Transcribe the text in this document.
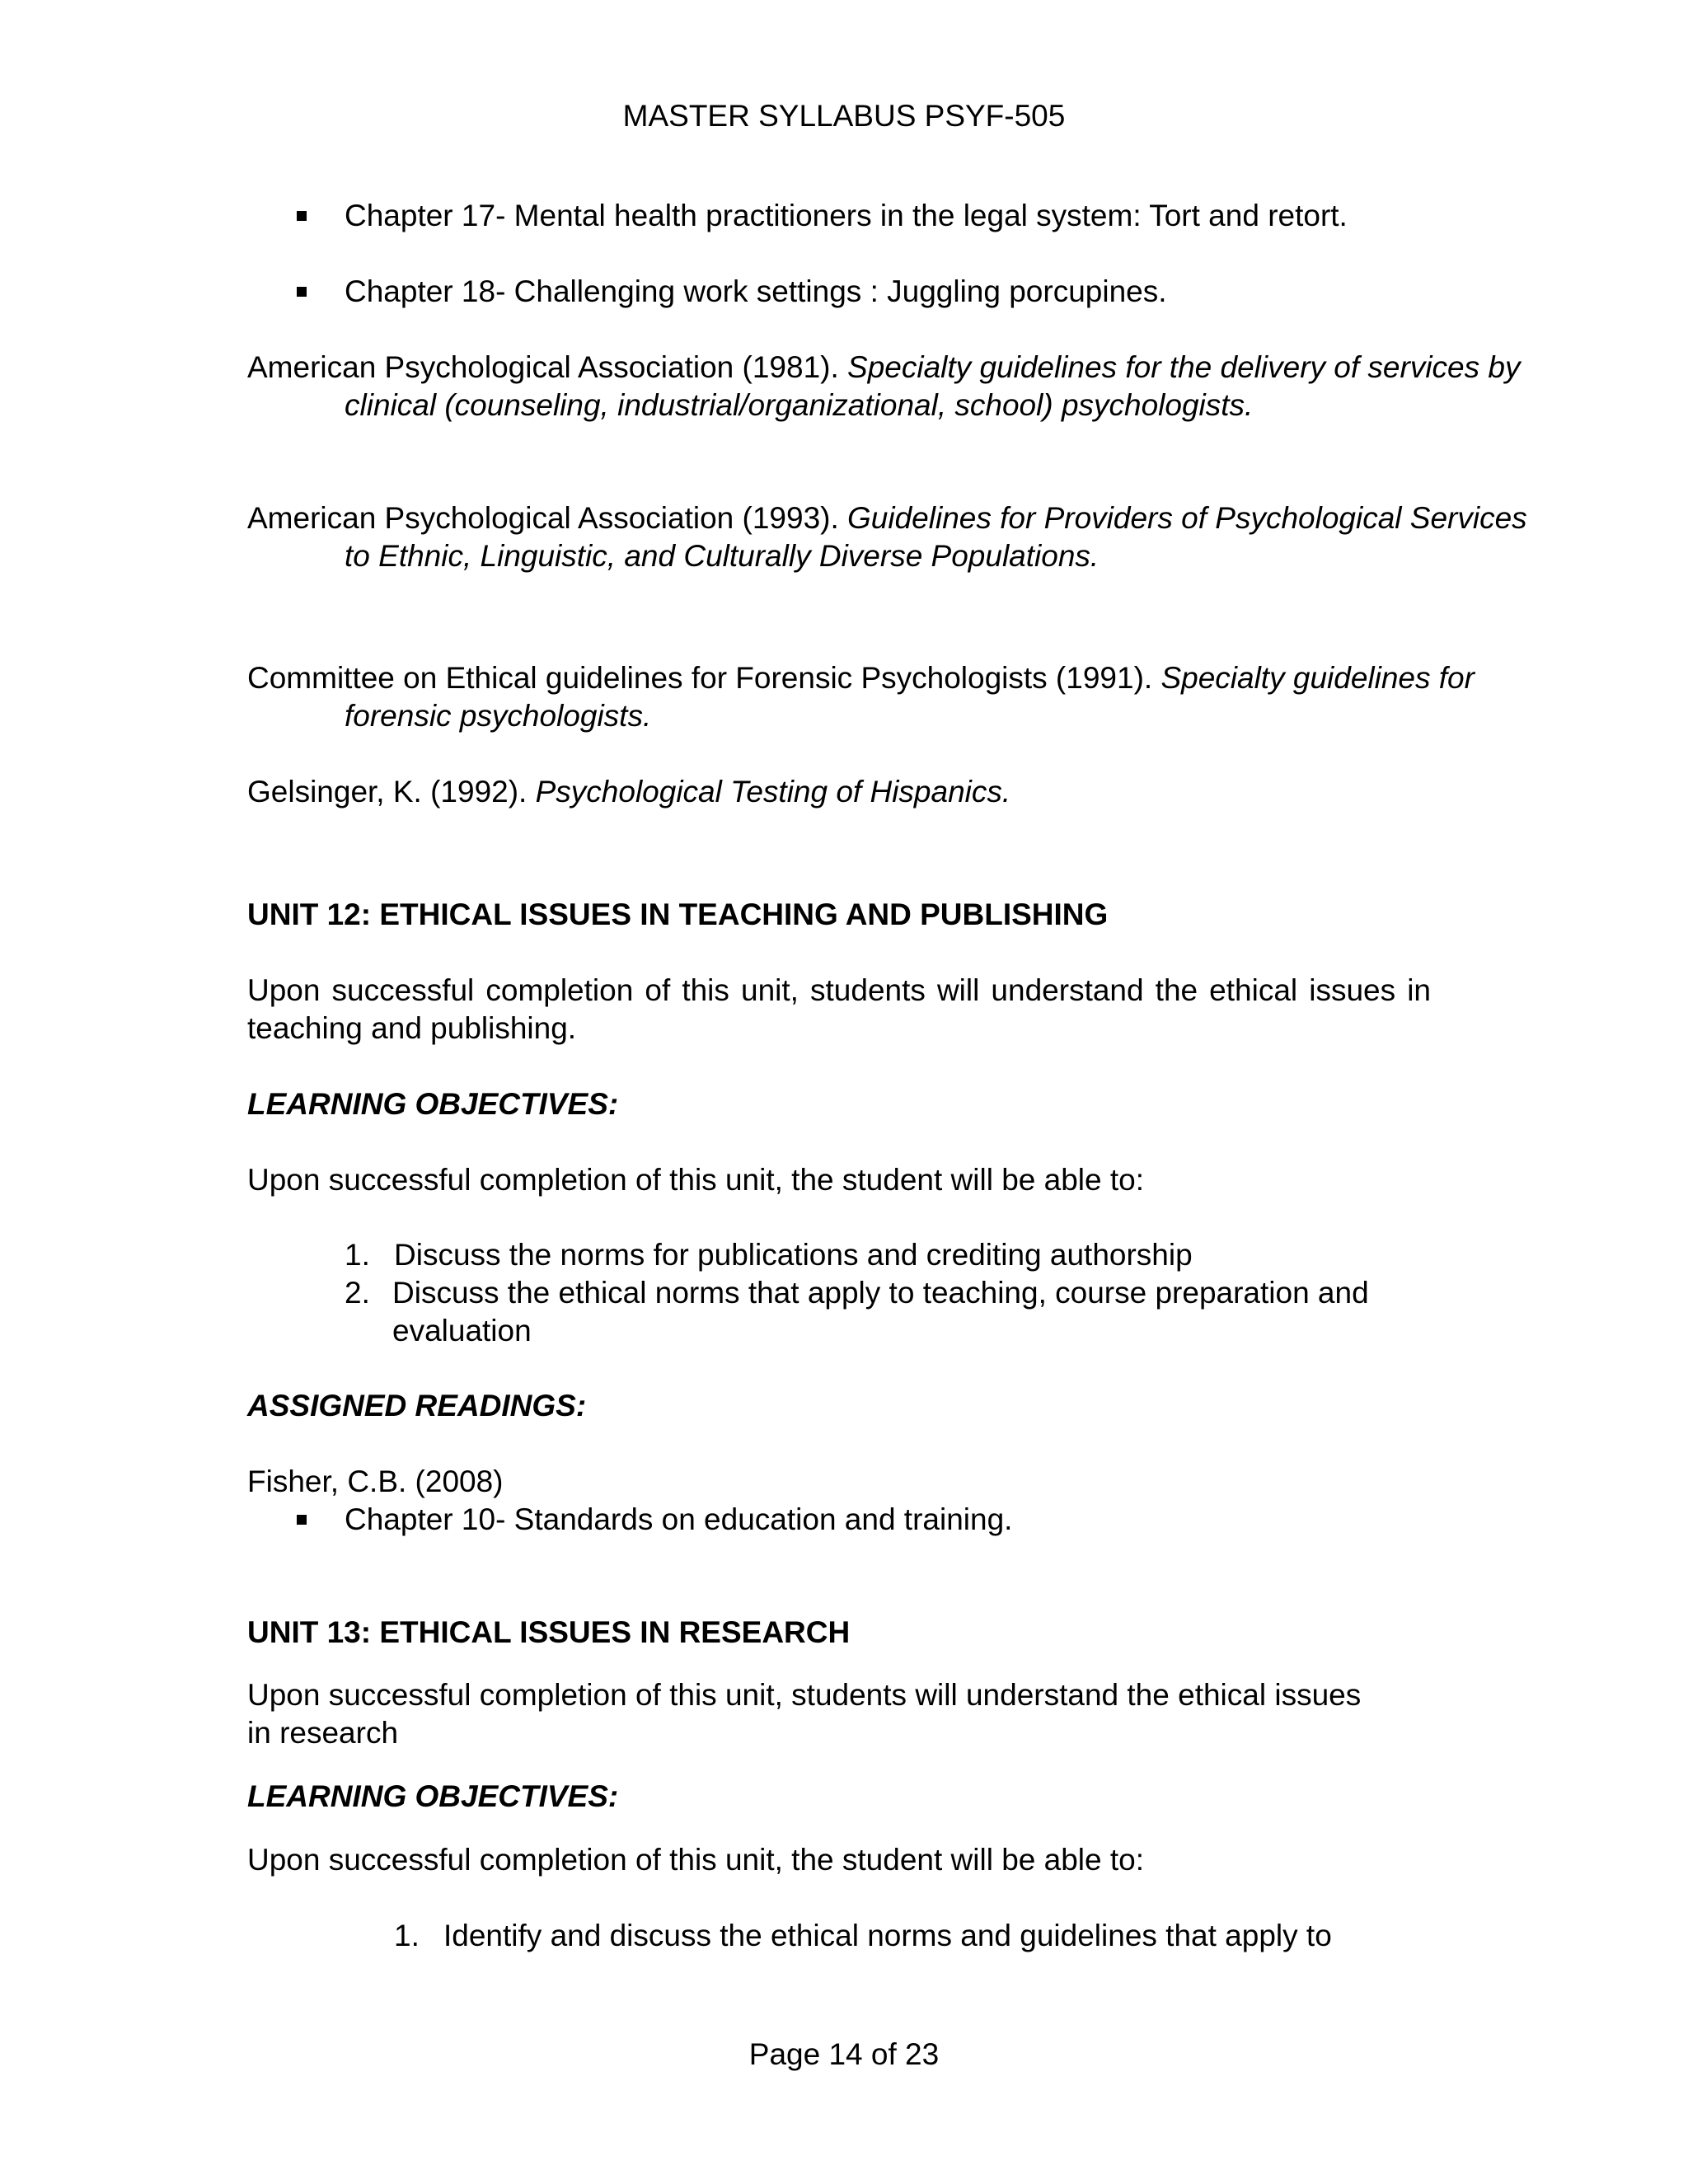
MASTER SYLLABUS PSYF-505

Chapter 17- Mental health practitioners in the legal system: Tort and retort.
Chapter 18- Challenging work settings : Juggling porcupines.

American Psychological Association (1981). Specialty guidelines for the delivery of services by clinical (counseling, industrial/organizational, school) psychologists.

American Psychological Association (1993). Guidelines for Providers of Psychological Services to Ethnic, Linguistic, and Culturally Diverse Populations.

Committee on Ethical guidelines for Forensic Psychologists (1991). Specialty guidelines for forensic psychologists.

Gelsinger, K. (1992). Psychological Testing of Hispanics.

UNIT 12: ETHICAL ISSUES IN TEACHING AND PUBLISHING

Upon successful completion of this unit, students will understand the ethical issues in teaching and publishing.

LEARNING OBJECTIVES:

Upon successful completion of this unit, the student will be able to:

1. Discuss the norms for publications and crediting authorship
2. Discuss the ethical norms that apply to teaching, course preparation and evaluation

ASSIGNED READINGS:

Fisher, C.B. (2008)

Chapter 10- Standards on education and training.

UNIT 13: ETHICAL ISSUES IN RESEARCH

Upon successful completion of this unit, students will understand the ethical issues in research

LEARNING OBJECTIVES:

Upon successful completion of this unit, the student will be able to:

1. Identify and discuss the ethical norms and guidelines that apply to

Page 14 of 23
